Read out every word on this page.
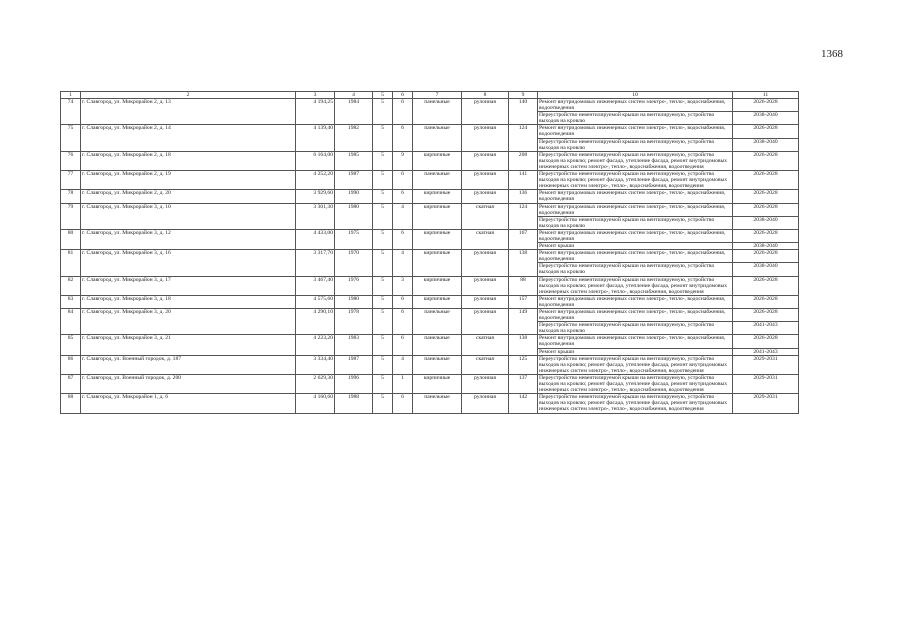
1368
1	2	3	4	5	6	7	8	9	10	11
74	г. Славгород, ул. Микрорайон 2, д. 13	4 194,25	1984	5	6	панельные	рулонная	140	Ремонт внутридомовых инженерных систем электро-, тепло-, водоснабжения, водоотведения	2026-2028
									Переустройство невентилируемой крыши на вентилируемую, устройство выходов на кровлю	2038-2040
75	г. Славгород, ул. Микрорайон 2, д. 14	4 139,40	1982	5	6	панельные	рулонная	124	Ремонт внутридомовых инженерных систем электро-, тепло-, водоснабжения, водоотведения	2026-2028
									Переустройство невентилируемой крыши на вентилируемую, устройство выходов на кровлю	2038-2040
76	г. Славгород, ул. Микрорайон 2, д. 18	6 164,00	1985	5	9	кирпичные	рулонная	208	Переустройство невентилируемой крыши на вентилируемую, устройство выходов на кровлю; ремонт фасада, утепление фасада, ремонт внутридомовых инженерных систем электро-, тепло-, водоснабжения, водоотведения	2026-2028
77	г. Славгород, ул. Микрорайон 2, д. 19	4 252,20	1987	5	6	панельные	рулонная	141	Переустройство невентилируемой крыши на вентилируемую, устройство выходов на кровлю; ремонт фасада, утепление фасада, ремонт внутридомовых инженерных систем электро-, тепло-, водоснабжения, водоотведения	2026-2028
78	г. Славгород, ул. Микрорайон 2, д. 20	3 929,60	1990	5	6	кирпичные	рулонная	136	Ремонт внутридомовых инженерных систем электро-, тепло-, водоснабжения, водоотведения	2026-2028
79	г. Славгород, ул. Микрорайон 3, д. 10	3 301,30	1980	5	4	кирпичные	скатная	124	Ремонт внутридомовых инженерных систем электро-, тепло-, водоснабжения, водоотведения	2026-2028
									Переустройство невентилируемой крыши на вентилируемую, устройство выходов на кровлю	2038-2040
80	г. Славгород, ул. Микрорайон 3, д. 12	4 433,00	1975	5	6	кирпичные	скатная	167	Ремонт внутридомовых инженерных систем электро-, тепло-, водоснабжения, водоотведения	2026-2028
									Ремонт крыши	2038-2040
81	г. Славгород, ул. Микрорайон 3, д. 16	3 317,70	1970	5	4	кирпичные	рулонная	138	Ремонт внутридомовых инженерных систем электро-, тепло-, водоснабжения, водоотведения	2026-2028
									Переустройство невентилируемой крыши на вентилируемую, устройство выходов на кровлю	2038-2040
82	г. Славгород, ул. Микрорайон 3, д. 17	3 467,40	1976	5	3	кирпичные	рулонная	88	Переустройство невентилируемой крыши на вентилируемую, устройство выходов на кровлю; ремонт фасада, утепление фасада, ремонт внутридомовых инженерных систем электро-, тепло-, водоснабжения, водоотведения	2026-2028
83	г. Славгород, ул. Микрорайон 3, д. 18	4 575,60	1980	5	6	кирпичные	рулонная	157	Ремонт внутридомовых инженерных систем электро-, тепло-, водоснабжения, водоотведения	2026-2028
84	г. Славгород, ул. Микрорайон 3, д. 20	4 290,10	1978	5	6	панельные	рулонная	149	Ремонт внутридомовых инженерных систем электро-, тепло-, водоснабжения, водоотведения	2026-2028
									Переустройство невентилируемой крыши на вентилируемую, устройство выходов на кровлю	2041-2043
85	г. Славгород, ул. Микрорайон 3, д. 21	4 223,20	1983	5	6	панельные	скатная	138	Ремонт внутридомовых инженерных систем электро-, тепло-, водоснабжения, водоотведения	2026-2028
									Ремонт крыши	2041-2043
86	г. Славгород, ул. Военный городок, д. 187	3 334,40	1987	5	4	панельные	скатная	125	Переустройство невентилируемой крыши на вентилируемую, устройство выходов на кровлю; ремонт фасада, утепление фасада, ремонт внутридомовых инженерных систем электро-, тепло-, водоснабжения, водоотведения	2029-2031
87	г. Славгород, ул. Военный городок, д. 200	2 629,30	1996	5	1	кирпичные	рулонная	137	Переустройство невентилируемой крыши на вентилируемую, устройство выходов на кровлю; ремонт фасада, утепление фасада, ремонт внутридомовых инженерных систем электро-, тепло-, водоснабжения, водоотведения	2029-2031
88	г. Славгород, ул. Микрорайон 1, д. 6	4 160,60	1988	5	6	панельные	рулонная	142	Переустройство невентилируемой крыши на вентилируемую, устройство выходов на кровлю; ремонт фасада, утепление фасада, ремонт внутридомовых инженерных систем электро-, тепло-, водоснабжения, водоотведения	2029-2031
